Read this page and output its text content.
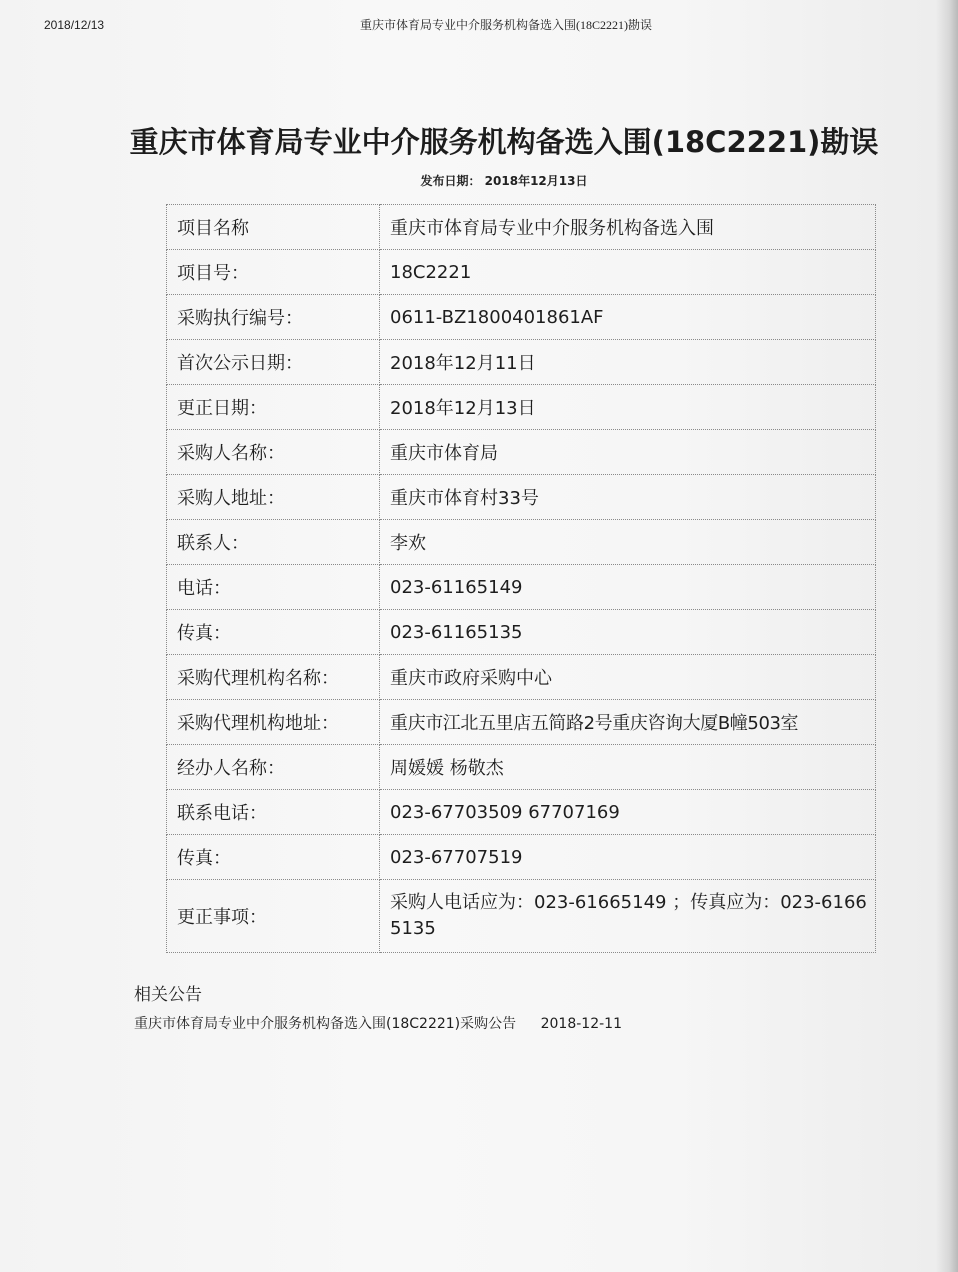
2018/12/13	重庆市体育局专业中介服务机构备选入围(18C2221)勘误
重庆市体育局专业中介服务机构备选入围(18C2221)勘误
发布日期： 2018年12月13日
项目名称	重庆市体育局专业中介服务机构备选入围
项目号：	18C2221
采购执行编号：	0611-BZ1800401861AF
首次公示日期：	2018年12月11日
更正日期：	2018年12月13日
采购人名称：	重庆市体育局
采购人地址：	重庆市体育村33号
联系人：	李欢
电话：	023-61165149
传真：	023-61165135
采购代理机构名称：	重庆市政府采购中心
采购代理机构地址：	重庆市江北五里店五简路2号重庆咨询大厦B幢503室
经办人名称：	周媛媛 杨敬杰
联系电话：	023-67703509 67707169
传真：	023-67707519
更正事项：	采购人电话应为：023-61665149 ；传真应为：023-61665135
相关公告
重庆市体育局专业中介服务机构备选入围(18C2221)采购公告 2018-12-11
